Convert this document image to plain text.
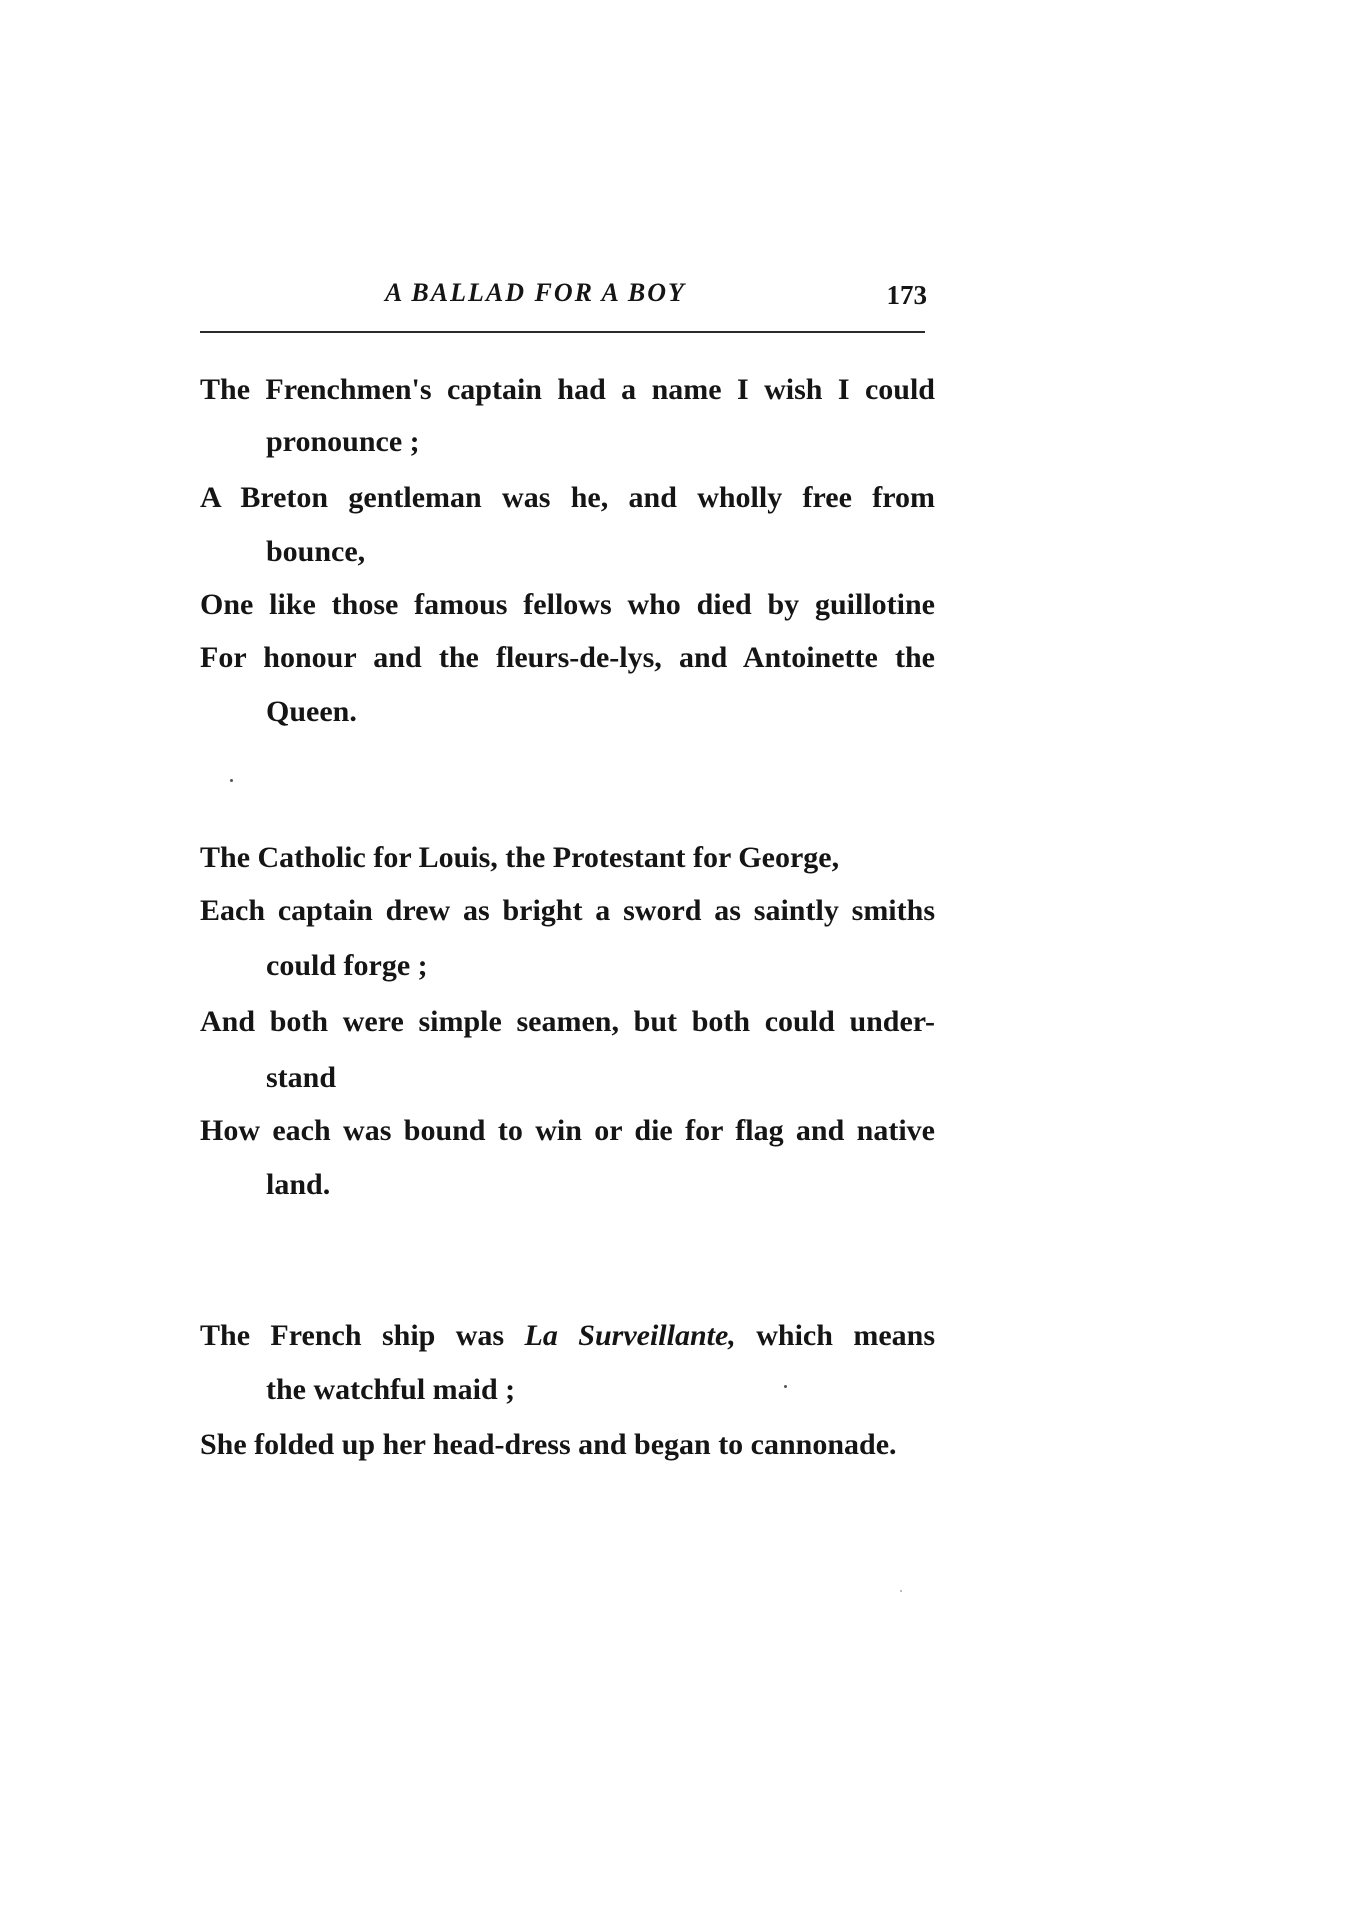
A BALLAD FOR A BOY	173
The Frenchmen's captain had a name I wish I could
pronounce ;
A Breton gentleman was he, and wholly free from
bounce,
One like those famous fellows who died by guillotine
For honour and the fleurs-de-lys, and Antoinette the
Queen.
The Catholic for Louis, the Protestant for George,
Each captain drew as bright a sword as saintly smiths
could forge ;
And both were simple seamen, but both could under-
stand
How each was bound to win or die for flag and native
land.
The French ship was La Surveillante, which means
the watchful maid ;
She folded up her head-dress and began to cannonade.
